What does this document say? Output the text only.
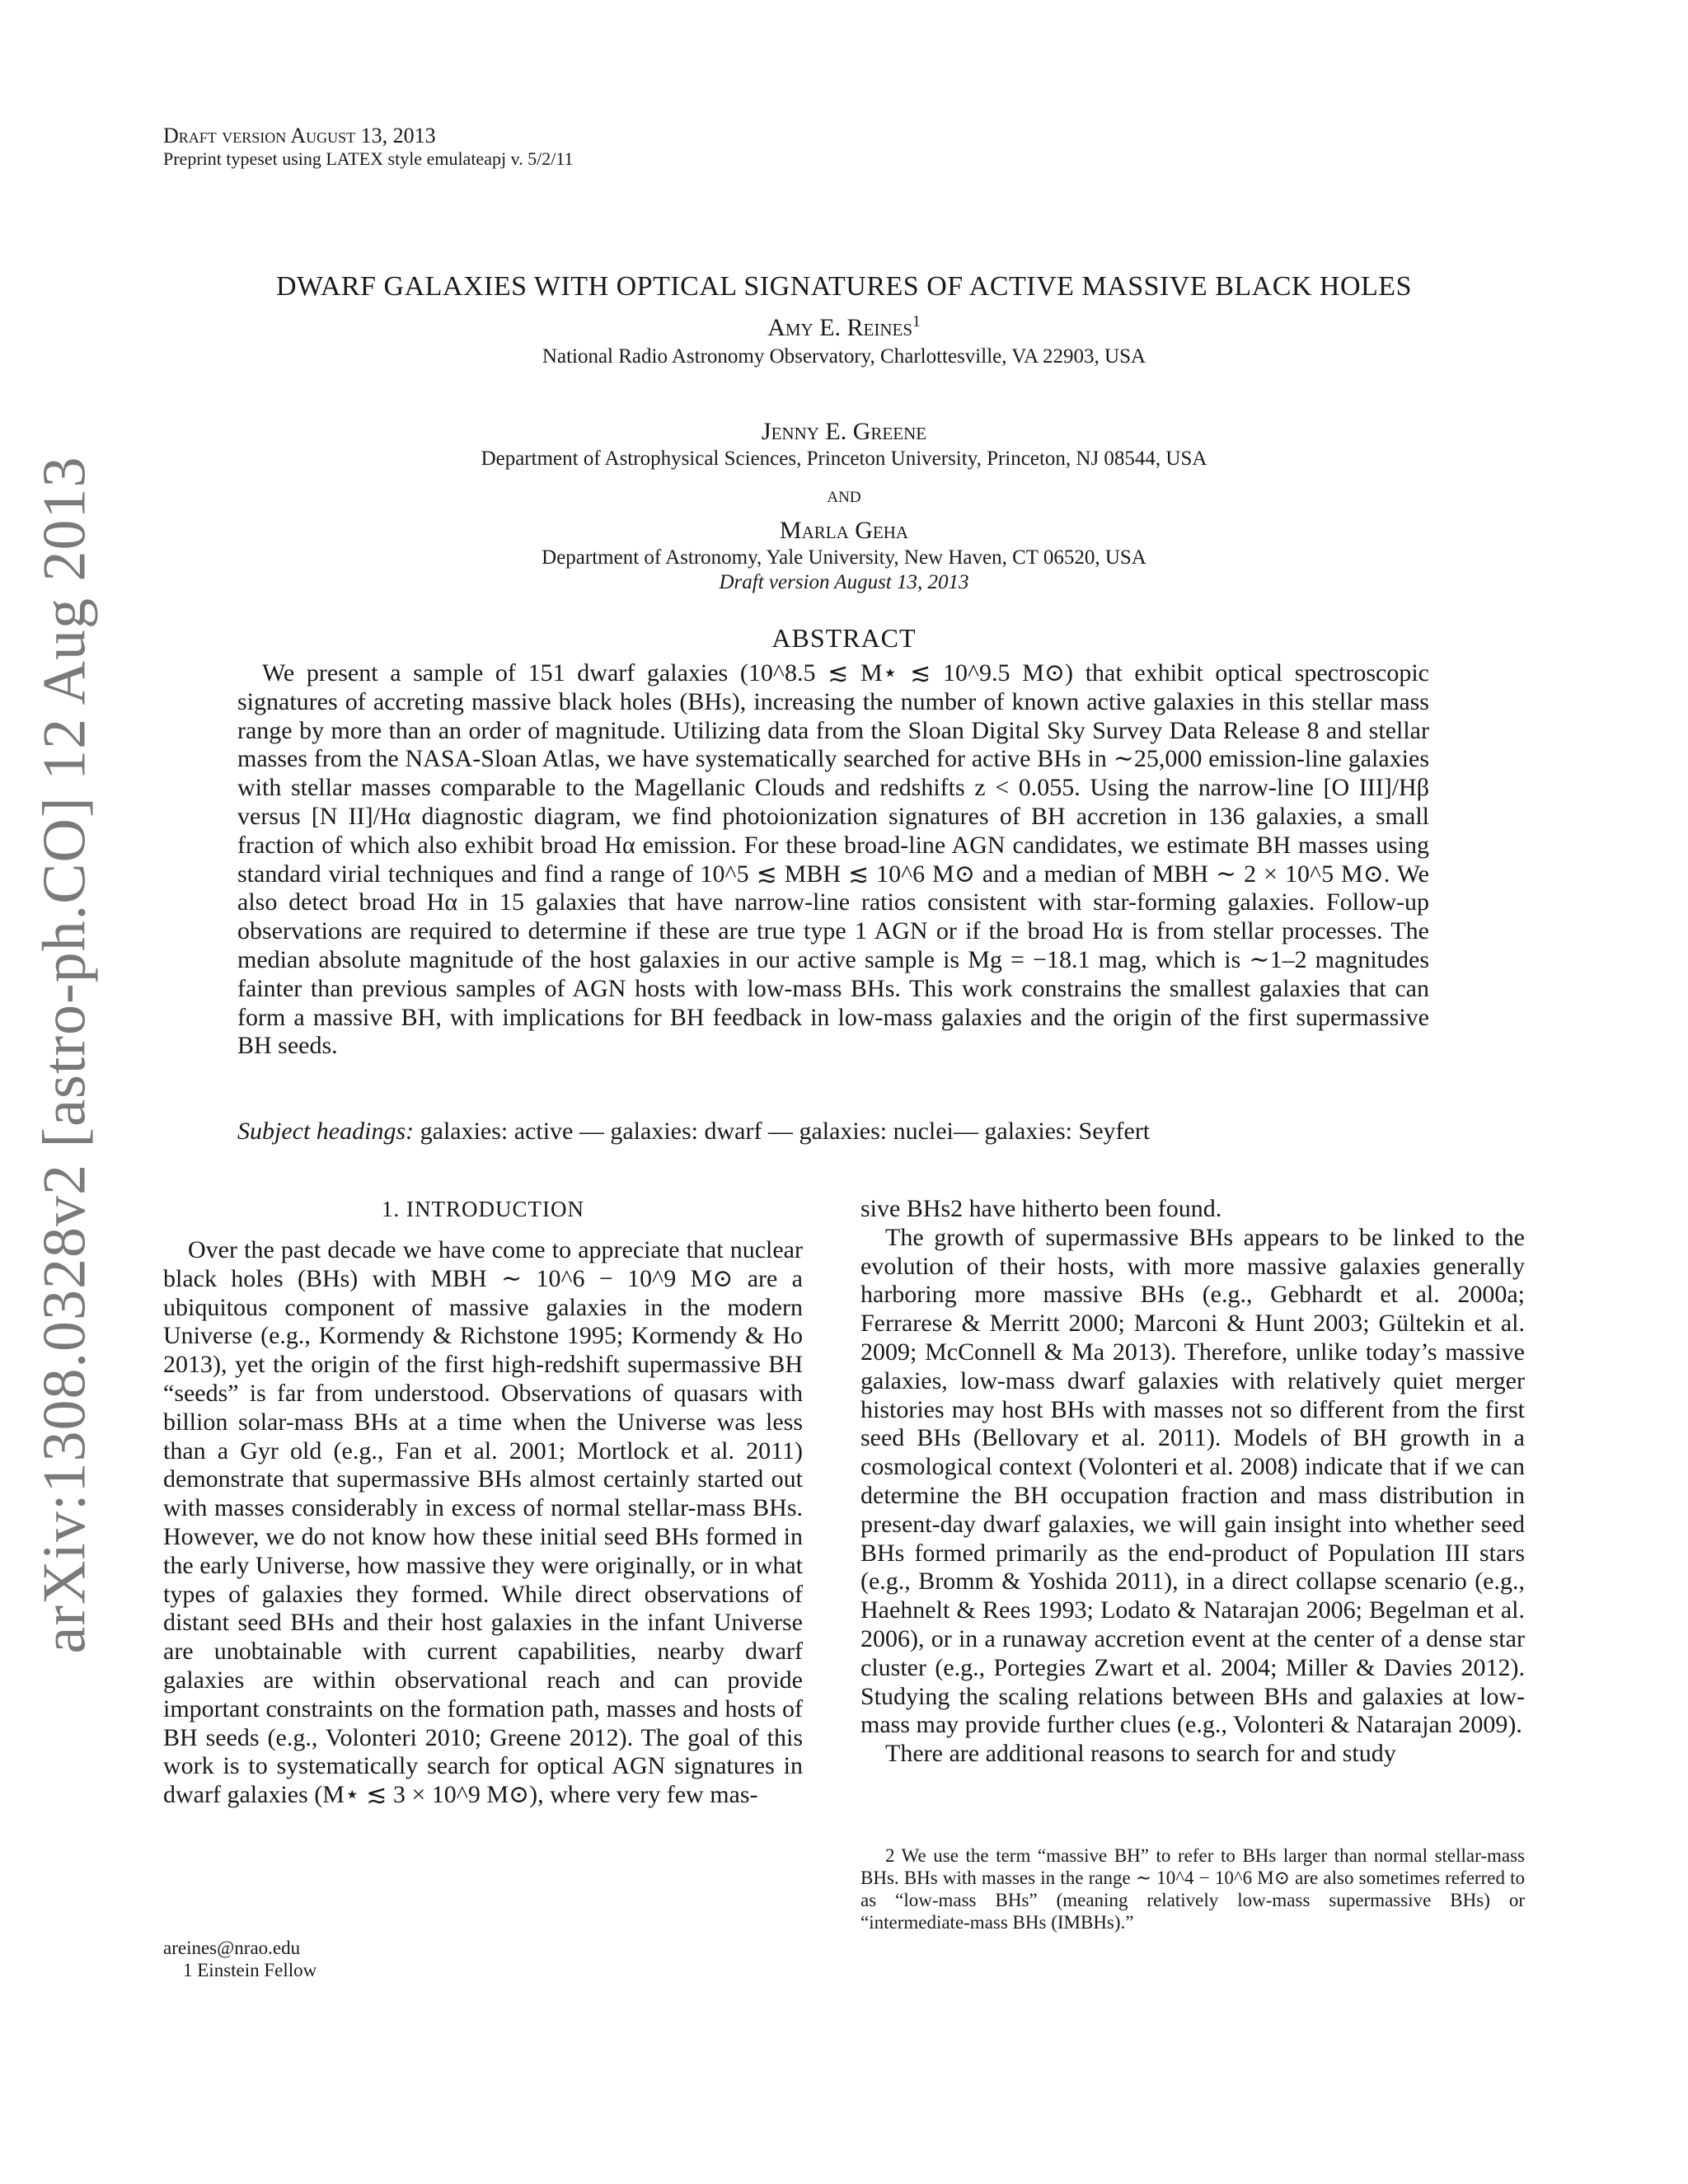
arXiv:1308.0328v2 [astro-ph.CO] 12 Aug 2013
Draft version August 13, 2013
Preprint typeset using LATEX style emulateapj v. 5/2/11
DWARF GALAXIES WITH OPTICAL SIGNATURES OF ACTIVE MASSIVE BLACK HOLES
Amy E. Reines$^1$
National Radio Astronomy Observatory, Charlottesville, VA 22903, USA
Jenny E. Greene
Department of Astrophysical Sciences, Princeton University, Princeton, NJ 08544, USA
and
Marla Geha
Department of Astronomy, Yale University, New Haven, CT 06520, USA
Draft version August 13, 2013
ABSTRACT

We present a sample of 151 dwarf galaxies (10^8.5 ≲ M⋆ ≲ 10^9.5 M⊙) that exhibit optical spectroscopic signatures of accreting massive black holes (BHs), increasing the number of known active galaxies in this stellar mass range by more than an order of magnitude. Utilizing data from the Sloan Digital Sky Survey Data Release 8 and stellar masses from the NASA-Sloan Atlas, we have systematically searched for active BHs in ∼25,000 emission-line galaxies with stellar masses comparable to the Magellanic Clouds and redshifts z < 0.055. Using the narrow-line [O III]/Hβ versus [N II]/Hα diagnostic diagram, we find photoionization signatures of BH accretion in 136 galaxies, a small fraction of which also exhibit broad Hα emission. For these broad-line AGN candidates, we estimate BH masses using standard virial techniques and find a range of 10^5 ≲ MBH ≲ 10^6 M⊙ and a median of MBH ∼ 2 × 10^5 M⊙. We also detect broad Hα in 15 galaxies that have narrow-line ratios consistent with star-forming galaxies. Follow-up observations are required to determine if these are true type 1 AGN or if the broad Hα is from stellar processes. The median absolute magnitude of the host galaxies in our active sample is Mg = −18.1 mag, which is ∼1–2 magnitudes fainter than previous samples of AGN hosts with low-mass BHs. This work constrains the smallest galaxies that can form a massive BH, with implications for BH feedback in low-mass galaxies and the origin of the first supermassive BH seeds.

Subject headings: galaxies: active — galaxies: dwarf — galaxies: nuclei— galaxies: Seyfert
1. INTRODUCTION

Over the past decade we have come to appreciate that nuclear black holes (BHs) with MBH ∼ 10^6 − 10^9 M⊙ are a ubiquitous component of massive galaxies in the modern Universe (e.g., Kormendy & Richstone 1995; Kormendy & Ho 2013), yet the origin of the first high-redshift supermassive BH “seeds” is far from understood. Observations of quasars with billion solar-mass BHs at a time when the Universe was less than a Gyr old (e.g., Fan et al. 2001; Mortlock et al. 2011) demonstrate that supermassive BHs almost certainly started out with masses considerably in excess of normal stellar-mass BHs. However, we do not know how these initial seed BHs formed in the early Universe, how massive they were originally, or in what types of galaxies they formed. While direct observations of distant seed BHs and their host galaxies in the infant Universe are unobtainable with current capabilities, nearby dwarf galaxies are within observational reach and can provide important constraints on the formation path, masses and hosts of BH seeds (e.g., Volonteri 2010; Greene 2012). The goal of this work is to systematically search for optical AGN signatures in dwarf galaxies (M⋆ ≲ 3 × 10^9 M⊙), where very few mas-

sive BHs2 have hitherto been found.

The growth of supermassive BHs appears to be linked to the evolution of their hosts, with more massive galaxies generally harboring more massive BHs (e.g., Gebhardt et al. 2000a; Ferrarese & Merritt 2000; Marconi & Hunt 2003; Gültekin et al. 2009; McConnell & Ma 2013). Therefore, unlike today’s massive galaxies, low-mass dwarf galaxies with relatively quiet merger histories may host BHs with masses not so different from the first seed BHs (Bellovary et al. 2011). Models of BH growth in a cosmological context (Volonteri et al. 2008) indicate that if we can determine the BH occupation fraction and mass distribution in present-day dwarf galaxies, we will gain insight into whether seed BHs formed primarily as the end-product of Population III stars (e.g., Bromm & Yoshida 2011), in a direct collapse scenario (e.g., Haehnelt & Rees 1993; Lodato & Natarajan 2006; Begelman et al. 2006), or in a runaway accretion event at the center of a dense star cluster (e.g., Portegies Zwart et al. 2004; Miller & Davies 2012). Studying the scaling relations between BHs and galaxies at low-mass may provide further clues (e.g., Volonteri & Natarajan 2009).

There are additional reasons to search for and study

2 We use the term “massive BH” to refer to BHs larger than normal stellar-mass BHs. BHs with masses in the range ∼ 10^4 − 10^6 M⊙ are also sometimes referred to as “low-mass BHs” (meaning relatively low-mass supermassive BHs) or “intermediate-mass BHs (IMBHs).”

areines@nrao.edu
1 Einstein Fellow
